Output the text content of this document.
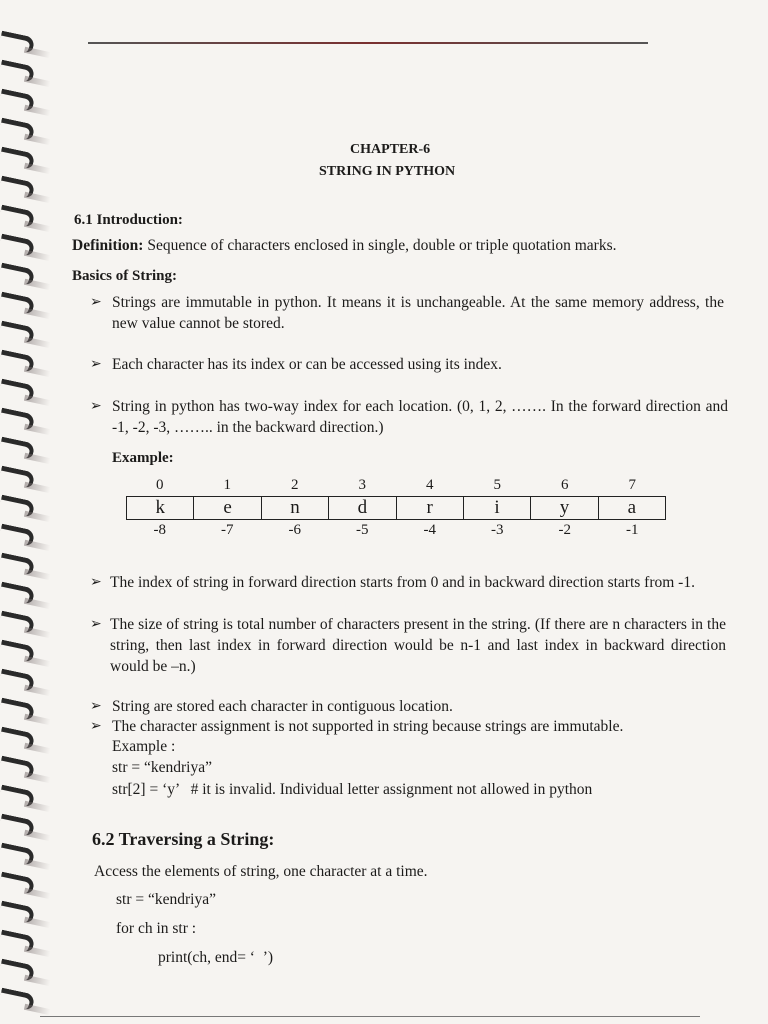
CHAPTER-6
STRING IN PYTHON
6.1 Introduction:
Definition: Sequence of characters enclosed in single, double or triple quotation marks.
Basics of String:
➢ Strings are immutable in python. It means it is unchangeable. At the same memory address, the new value cannot be stored.
➢ Each character has its index or can be accessed using its index.
➢ String in python has two-way index for each location. (0, 1, 2, ……. In the forward direction and -1, -2, -3, …….. in the backward direction.)
Example:
0	1	2	3	4	5	6	7
k	e	n	d	r	i	y	a
-8	-7	-6	-5	-4	-3	-2	-1
➢ The index of string in forward direction starts from 0 and in backward direction starts from -1.
➢ The size of string is total number of characters present in the string. (If there are n characters in the string, then last index in forward direction would be n-1 and last index in backward direction would be –n.)
➢ String are stored each character in contiguous location.
➢ The character assignment is not supported in string because strings are immutable.
Example :
str = “kendriya”
str[2] = ‘y’   # it is invalid. Individual letter assignment not allowed in python
6.2 Traversing a String:
Access the elements of string, one character at a time.
str = “kendriya”
for ch in str :
print(ch, end= ‘  ’)
